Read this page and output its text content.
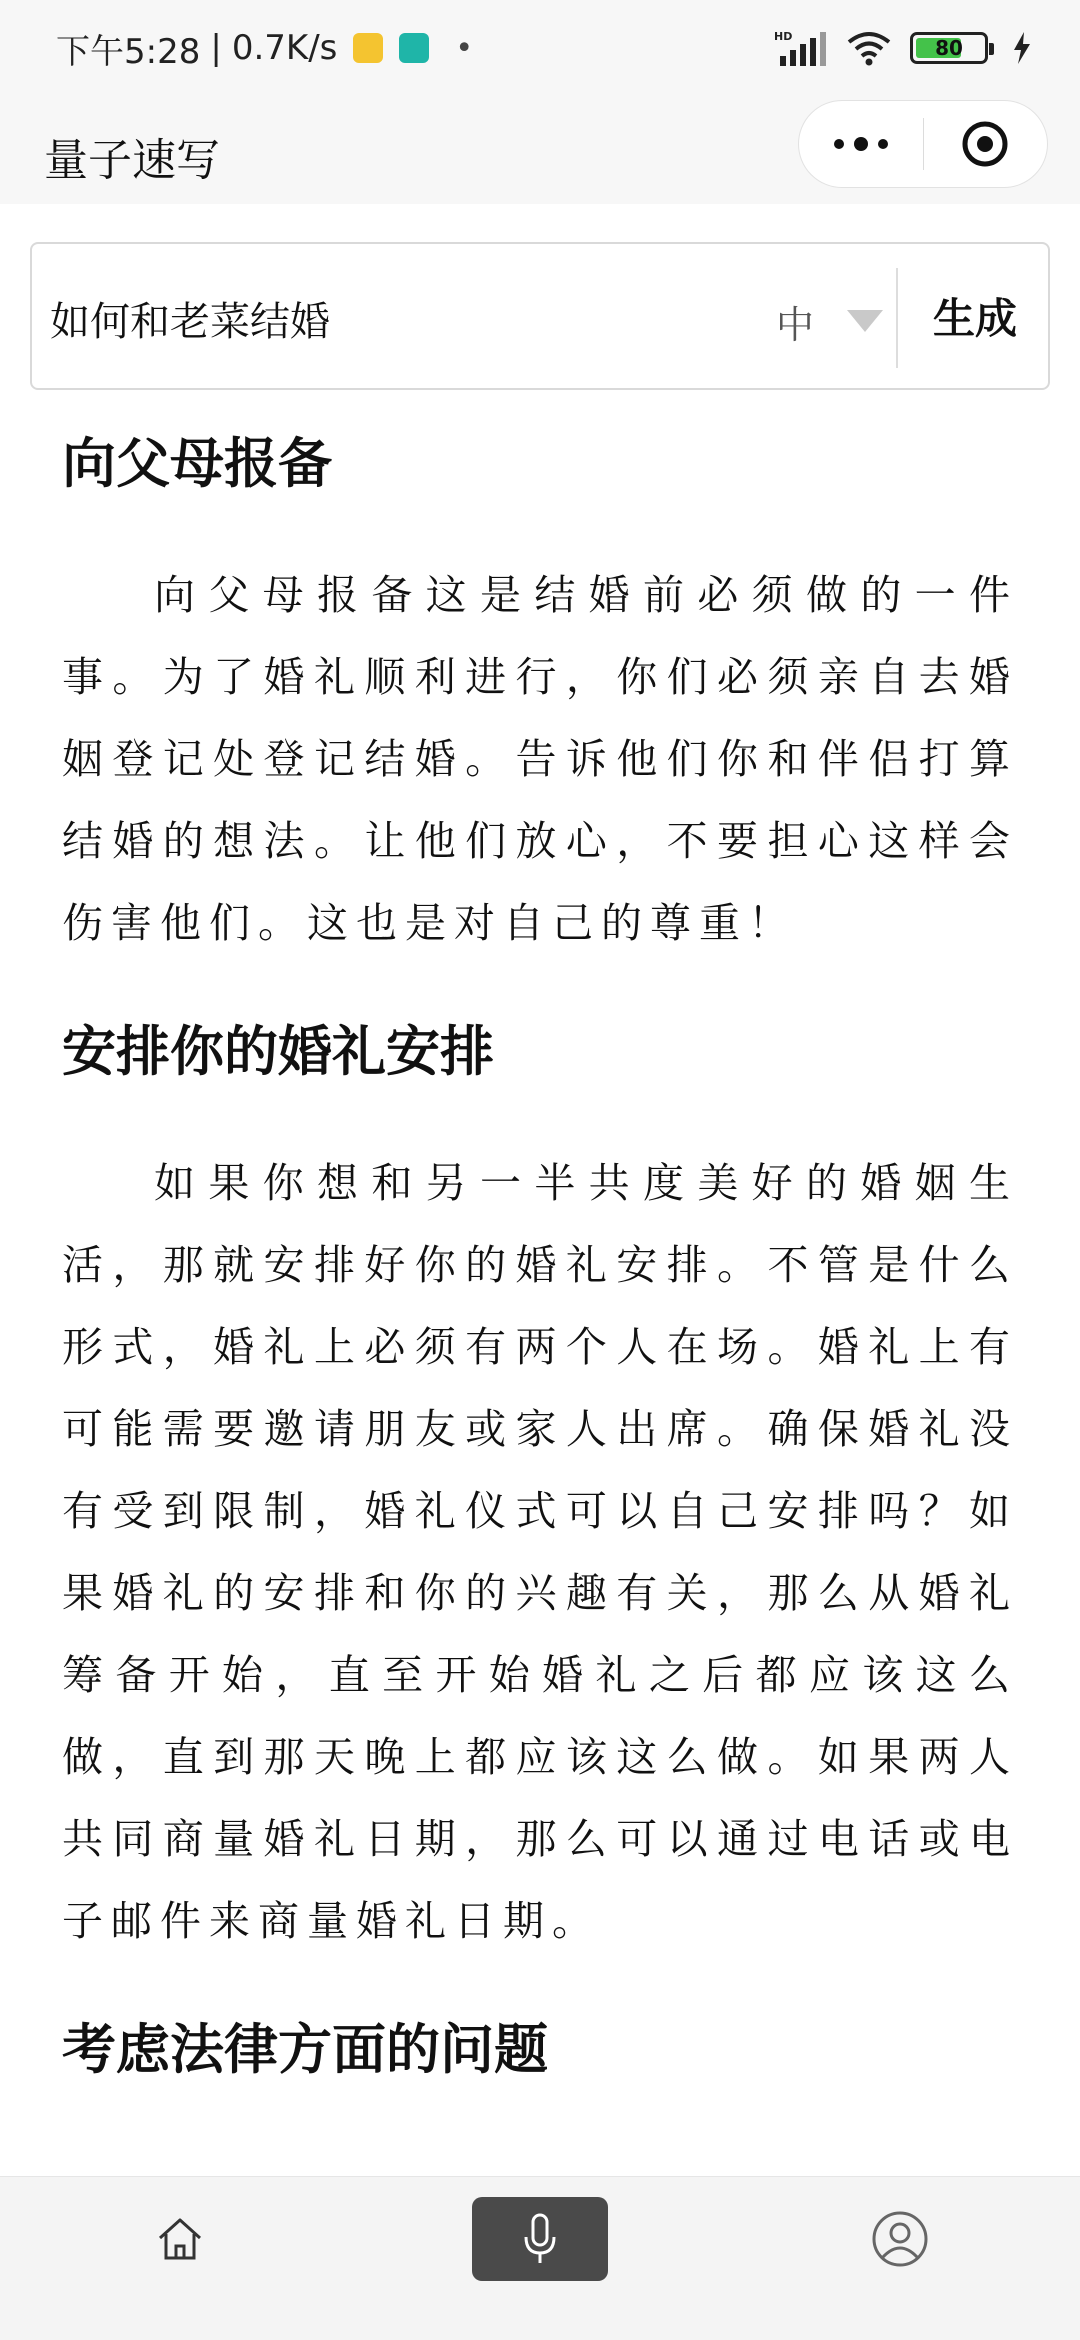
下午5:28 | 0.7K/s	•	HD	80
量子速写
如何和老菜结婚	中	生成
向父母报备

向父母报备这是结婚前必须做的一件事。为了婚礼顺利进行，你们必须亲自去婚姻登记处登记结婚。告诉他们你和伴侣打算结婚的想法。让他们放心，不要担心这样会伤害他们。这也是对自己的尊重！

安排你的婚礼安排

如果你想和另一半共度美好的婚姻生活，那就安排好你的婚礼安排。不管是什么形式，婚礼上必须有两个人在场。婚礼上有可能需要邀请朋友或家人出席。确保婚礼没有受到限制，婚礼仪式可以自己安排吗？如果婚礼的安排和你的兴趣有关，那么从婚礼筹备开始，直至开始婚礼之后都应该这么做，直到那天晚上都应该这么做。如果两人共同商量婚礼日期，那么可以通过电话或电子邮件来商量婚礼日期。

考虑法律方面的问题
